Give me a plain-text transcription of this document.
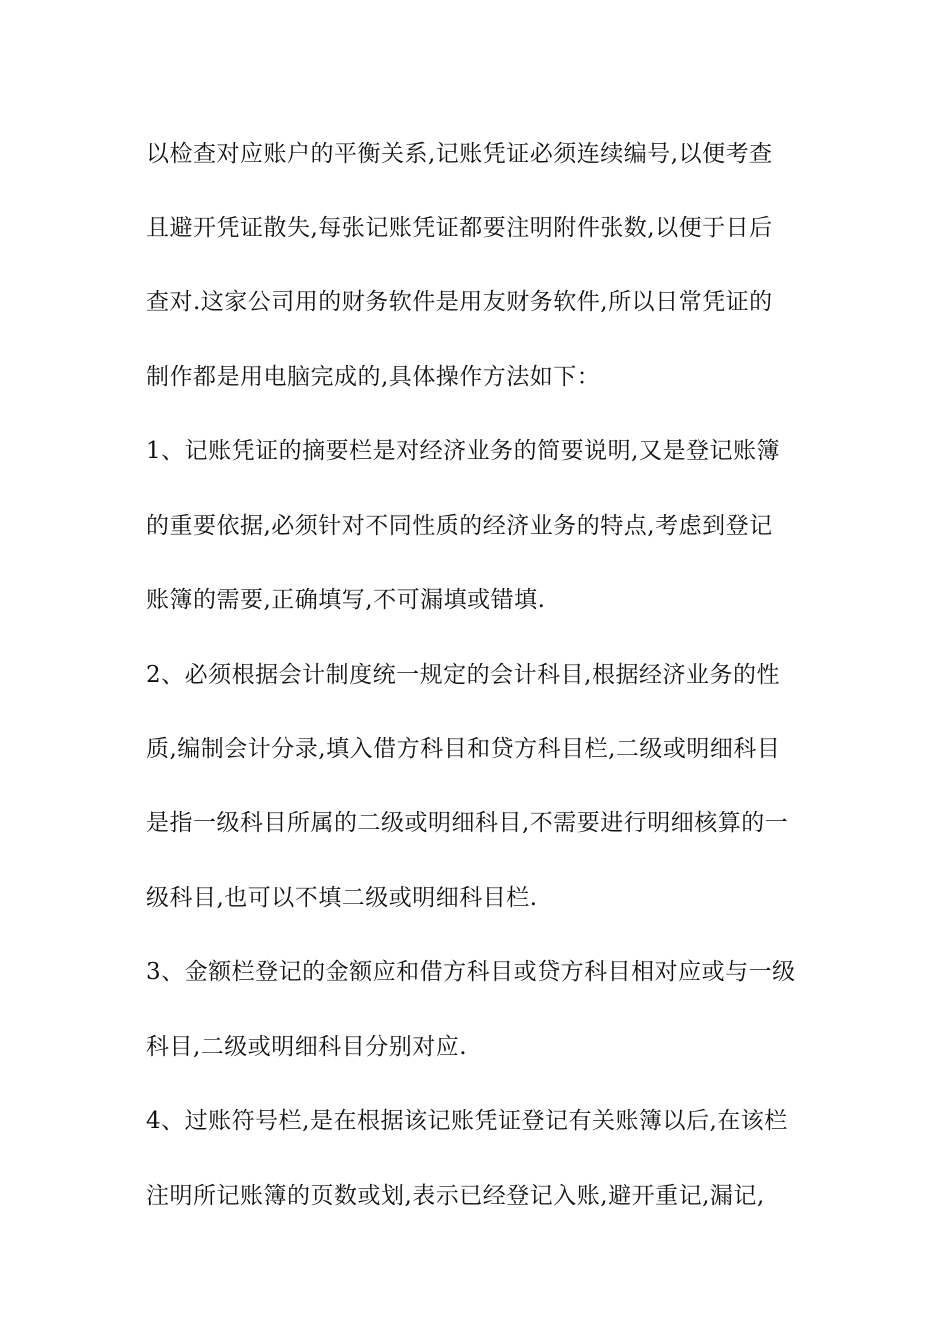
以检查对应账户的平衡关系,记账凭证必须连续编号,以便考查
且避开凭证散失,每张记账凭证都要注明附件张数,以便于日后
查对.这家公司用的财务软件是用友财务软件,所以日常凭证的
制作都是用电脑完成的,具体操作方法如下：
1、记账凭证的摘要栏是对经济业务的简要说明,又是登记账簿
的重要依据,必须针对不同性质的经济业务的特点,考虑到登记
账簿的需要,正确填写,不可漏填或错填.
2、必须根据会计制度统一规定的会计科目,根据经济业务的性
质,编制会计分录,填入借方科目和贷方科目栏,二级或明细科目
是指一级科目所属的二级或明细科目,不需要进行明细核算的一
级科目,也可以不填二级或明细科目栏.
3、金额栏登记的金额应和借方科目或贷方科目相对应或与一级
科目,二级或明细科目分别对应.
4、过账符号栏,是在根据该记账凭证登记有关账簿以后,在该栏
注明所记账簿的页数或划,表示已经登记入账,避开重记,漏记,
